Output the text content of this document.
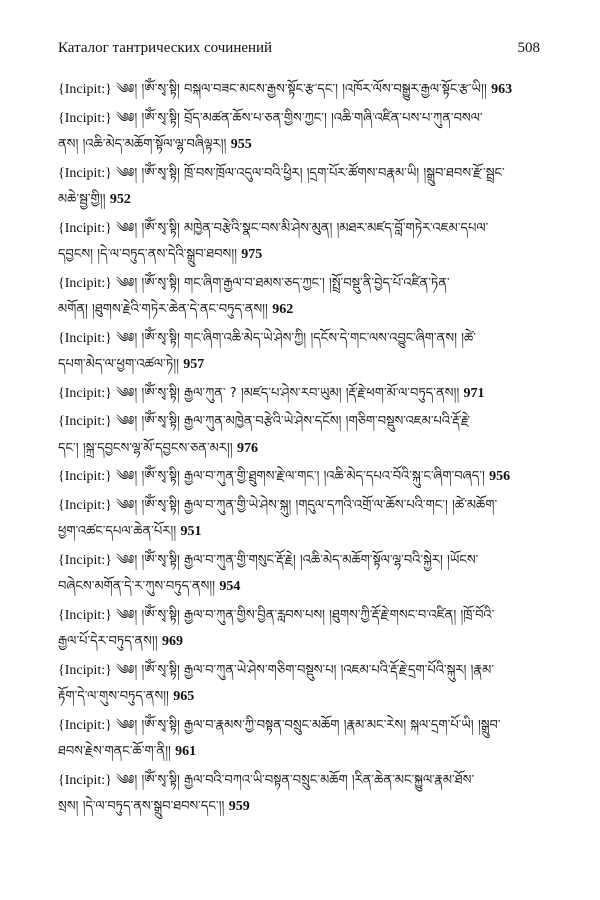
Каталог тантрических сочинений	508
{Incipit:} ༄༅། །ཨོཾ་སྭ་སྟི། བསྐལ་བཟང་མངས་རྒྱས་སྟོང་རྩ་དང་། །འཁོར་ལོས་བསྒྱུར་རྒྱལ་སྟོང་རྩ་ཡི།། 963
{Incipit:} ༄༅། །ཨོཾ་སྭ་སྟི། བྲོད་མཚན་ཆོས་པ་ཅན་གྱིས་ཀྱང་། །འཆི་གཞི་འཛིན་པས་པ་ཀུན་བསལ་
ནས། །འཆི་མེད་མཆོག་སྟོལ་ལྷ་བཞིལྟར།། 955
{Incipit:} ༄༅། །ཨོཾ་སྭ་སྟི། ཁྲོ་བས་ཁྲོལ་འདུལ་བའི་ཕྱིར། །དྲག་པོར་ཚོགས་བརྣམ་ཡི། །སྒྲུབ་ཐབས་རྫོ་སྦྲང་
མཆེ་སྦྱ་གྱི།། 952
{Incipit:} ༄༅། །ཨོཾ་སྭ་སྟི། མཁྱེན་བརྩེའི་སྣང་བས་མི་ཤེས་མུན། །མཐར་མཛད་བློ་གཏེར་འཇམ་དཔལ་
དབྱངས། །དེ་ལ་བཏུད་ནས་དེའི་སྒྲུབ་ཐབས།། 975
{Incipit:} ༄༅། །ཨོཾ་སྭ་སྟི། གང་ཞིག་རྒྱལ་བ་ཐམས་ཅད་ཀྱང་། །སྤྲོ་བསྡུ་ནི་བྱེད་པོ་འཛིན་ཏེན་
མགོན། །ཐུགས་རྗེའི་གཏེར་ཆེན་དེ་ནང་བཏུད་ནས།། 962
{Incipit:} ༄༅། །ཨོཾ་སྭ་སྟི། གང་ཞིག་འཆི་མེད་ཡེ་ཤེས་ཀྱི། །དངོས་དེ་གང་ལས་འབྱུང་ཞིག་ནས། །ཚེ་
དཔག་མེད་ལ་ཕྱག་འཚལ་ཏེ།། 957
{Incipit:} ༄༅། །ཨོཾ་སྭ་སྟི། རྒྱལ་ཀུན་ ? །མཛད་པ་ཤེས་རབ་ཡུམ། །རྡོ་རྗེ་ཕག་མོ་ལ་བཏུད་ནས།། 971
{Incipit:} ༄༅། །ཨོཾ་སྭ་སྟི། རྒྱལ་ཀུན་མཁྱེན་བརྩེའི་ཡེ་ཤེས་དངོས། །གཅིག་བསྡུས་འཇམ་པའི་རྡོ་རྗེ་
དང་། །སྐྲ་དབྱངས་ལྷ་མོ་དབྱངས་ཅན་མར།། 976
{Incipit:} ༄༅། །ཨོཾ་སྭ་སྟི། རྒྱལ་བ་ཀུན་གྱི་ཐྲུགས་རྗེ་ལ་གང་། །འཆི་མེད་དཔའ་བོའི་སྐུ་ང་ཞིག་བཞད་། 956
{Incipit:} ༄༅། །ཨོཾ་སྭ་སྟི། རྒྱལ་བ་ཀུན་གྱི་ཡེ་ཤེས་སྐུ། །གདུལ་དཀའི་འགྲོ་ལ་ཆོས་པའི་གང་། །ཚེ་མཆོག་
ཕྱག་འཚང་དཔལ་ཆེན་པོར།། 951
{Incipit:} ༄༅། །ཨོཾ་སྭ་སྟི། རྒྱལ་བ་ཀུན་གྱི་གསུང་རྡོ་རྗེ། །འཆི་མེད་མཆོག་སྟོལ་ལྷ་བའི་སྐྱེར། །ཡོངས་
བཞེངས་མགོན་དེ་ར་ཀུས་བཏུད་ནས།། 954
{Incipit:} ༄༅། །ཨོཾ་སྭ་སྟི། རྒྱལ་བ་ཀུན་གྱིས་བྱིན་རླབས་པས། །ཐུགས་ཀྱི་རྡོ་རྗེ་གསང་བ་འཛིན། །ཁྲོ་བོའི་
རྒྱལ་པོ་དེར་བཏུད་ནས།། 969
{Incipit:} ༄༅། །ཨོཾ་སྭ་སྟི། རྒྱལ་བ་ཀུན་ཡེ་ཤེས་གཅིག་བསྡུས་པ། །འཇམ་པའི་རྡོ་རྗེ་དྲག་པོའི་སྐུར། །རྣམ་
རྟོག་དེ་ལ་གུས་བཏུད་ནས།། 965
{Incipit:} ༄༅། །ཨོཾ་སྭ་སྟི། རྒྱལ་བ་རྣམས་ཀྱི་བསྟན་བསྲུང་མཆོག །རྣམ་མང་རེས། སྐལ་དྲག་པོ་ཡི། །སྒྲུབ་
ཐབས་རྗེས་གནང་ཆོ་ག་ནི།། 961
{Incipit:} ༄༅། །ཨོཾ་སྭ་སྟི། རྒྱལ་བའི་བཀའ་ཡི་བསྟན་བསྲུང་མཆོག །རིན་ཆེན་མང་སྐྱུལ་རྣམ་ཐོས་
སྲས། །དེ་ལ་བཏུད་ནས་སྒྲུབ་ཐབས་དང་།། 959
